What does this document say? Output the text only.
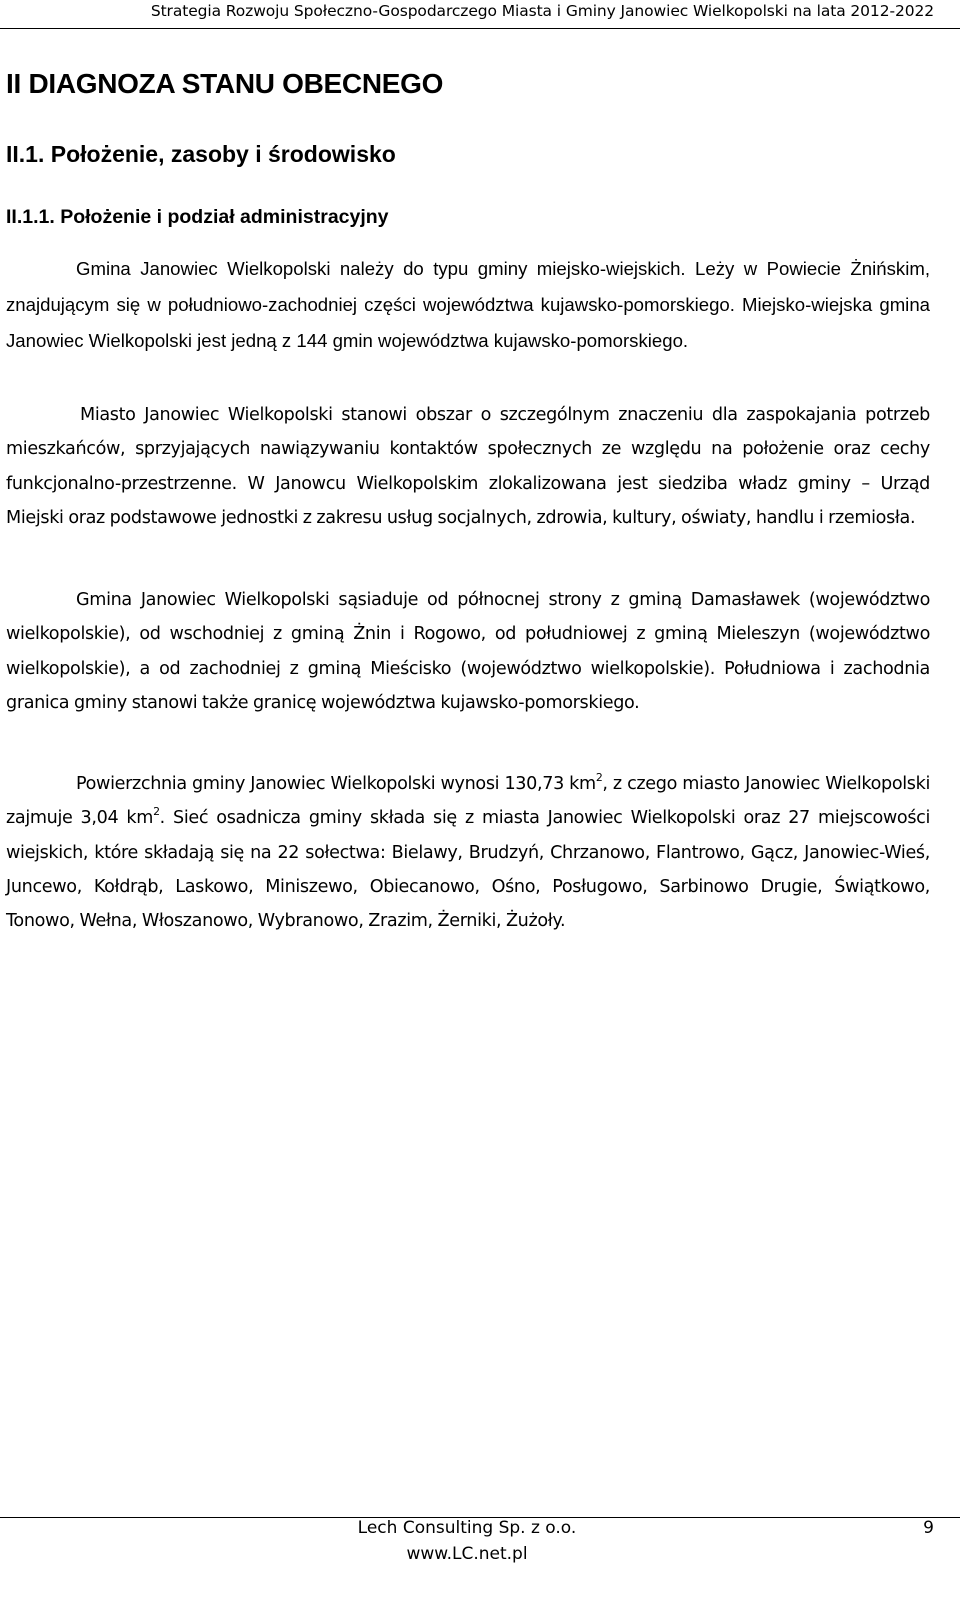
Strategia Rozwoju Społeczno-Gospodarczego Miasta i Gminy Janowiec Wielkopolski na lata 2012-2022
II DIAGNOZA STANU OBECNEGO
II.1. Położenie, zasoby i środowisko
II.1.1. Położenie i podział administracyjny

Gmina Janowiec Wielkopolski należy do typu gminy miejsko-wiejskich. Leży w Powiecie Żnińskim, znajdującym się w południowo-zachodniej części województwa kujawsko-pomorskiego. Miejsko-wiejska gmina Janowiec Wielkopolski jest jedną z 144 gmin województwa kujawsko-pomorskiego.

Miasto Janowiec Wielkopolski stanowi obszar o szczególnym znaczeniu dla zaspokajania potrzeb mieszkańców, sprzyjających nawiązywaniu kontaktów społecznych ze względu na położenie oraz cechy funkcjonalno-przestrzenne. W Janowcu Wielkopolskim zlokalizowana jest siedziba władz gminy – Urząd Miejski oraz podstawowe jednostki z zakresu usług socjalnych, zdrowia, kultury, oświaty, handlu i rzemiosła.

Gmina Janowiec Wielkopolski sąsiaduje od północnej strony z gminą Damasławek (województwo wielkopolskie), od wschodniej z gminą Żnin i Rogowo, od południowej z gminą Mieleszyn (województwo wielkopolskie), a od zachodniej z gminą Mieścisko (województwo wielkopolskie). Południowa i zachodnia granica gminy stanowi także granicę województwa kujawsko-pomorskiego.

Powierzchnia gminy Janowiec Wielkopolski wynosi 130,73 $km^2$, z czego miasto Janowiec Wielkopolski zajmuje 3,04 $km^2$. Sieć osadnicza gminy składa się z miasta Janowiec Wielkopolski oraz 27 miejscowości wiejskich, które składają się na 22 sołectwa: Bielawy, Brudzyń, Chrzanowo, Flantrowo, Gącz, Janowiec-Wieś, Juncewo, Kołdrąb, Laskowo, Miniszewo, Obiecanowo, Ośno, Posługowo, Sarbinowo Drugie, Świątkowo, Tonowo, Wełna, Włoszanowo, Wybranowo, Zrazim, Żerniki, Żużoły.

Lech Consulting Sp. z o.o.	9
www.LC.net.pl
